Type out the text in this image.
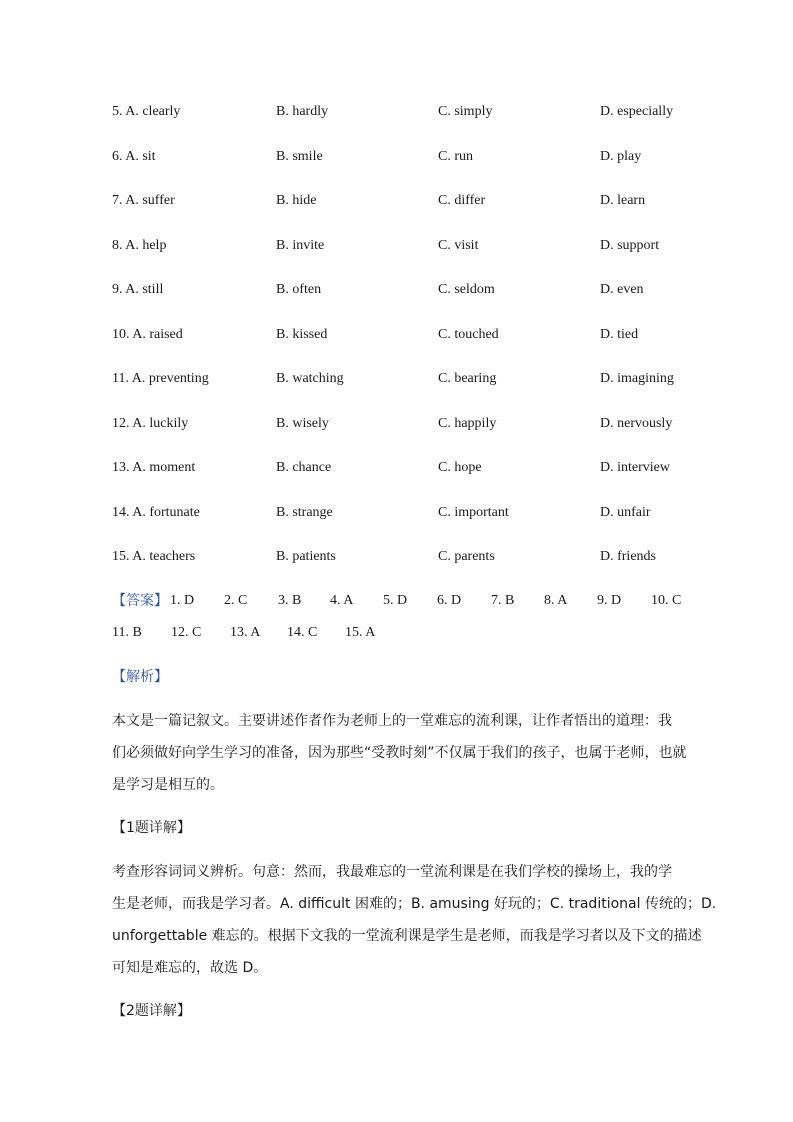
5. A. clearly	B. hardly	C. simply	D. especially
6. A. sit	B. smile	C. run	D. play
7. A. suffer	B. hide	C. differ	D. learn
8. A. help	B. invite	C. visit	D. support
9. A. still	B. often	C. seldom	D. even
10. A. raised	B. kissed	C. touched	D. tied
11. A. preventing	B. watching	C. bearing	D. imagining
12. A. luckily	B. wisely	C. happily	D. nervously
13. A. moment	B. chance	C. hope	D. interview
14. A. fortunate	B. strange	C. important	D. unfair
15. A. teachers	B. patients	C. parents	D. friends
【答案】 1. D 2. C 3. B 4. A 5. D 6. D 7. B 8. A 9. D 10. C
11. B 12. C 13. A 14. C 15. A
【解析】
本文是一篇记叙文。主要讲述作者作为老师上的一堂难忘的流利课，让作者悟出的道理：我
们必须做好向学生学习的准备，因为那些“受教时刻”不仅属于我们的孩子，也属于老师，也就
是学习是相互的。
【1题详解】
考查形容词词义辨析。句意：然而，我最难忘的一堂流利课是在我们学校的操场上，我的学
生是老师，而我是学习者。A. difficult 困难的；B. amusing 好玩的；C. traditional 传统的；D.
unforgettable 难忘的。根据下文我的一堂流利课是学生是老师，而我是学习者以及下文的描述
可知是难忘的，故选 D。
【2题详解】
